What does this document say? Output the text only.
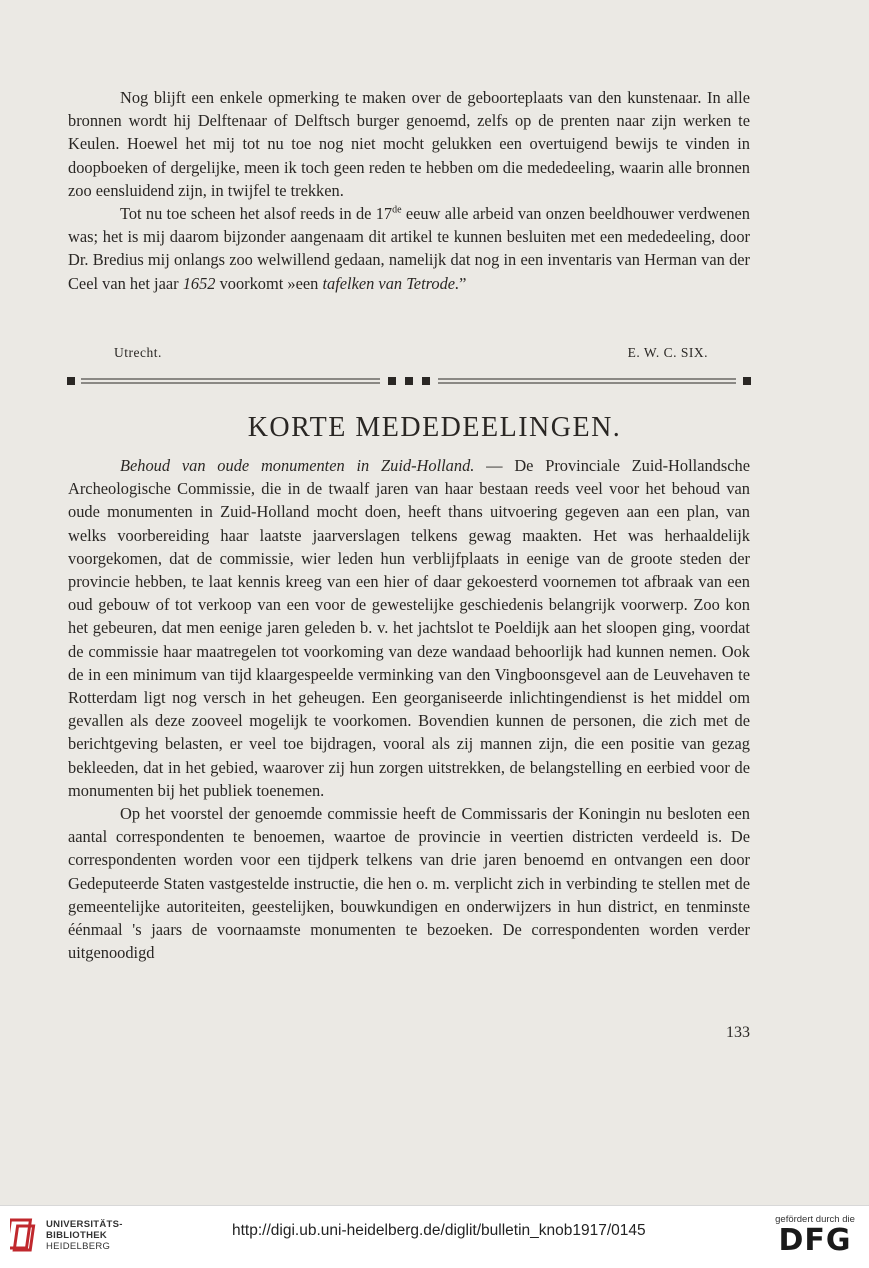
Nog blijft een enkele opmerking te maken over de geboorteplaats van den kunstenaar. In alle bronnen wordt hij Delftenaar of Delftsch burger genoemd, zelfs op de prenten naar zijn werken te Keulen. Hoewel het mij tot nu toe nog niet mocht gelukken een overtuigend bewijs te vinden in doopboeken of dergelijke, meen ik toch geen reden te hebben om die mededeeling, waarin alle bronnen zoo eensluidend zijn, in twijfel te trekken.

Tot nu toe scheen het alsof reeds in de 17de eeuw alle arbeid van onzen beeldhouwer verdwenen was; het is mij daarom bijzonder aangenaam dit artikel te kunnen besluiten met een mededeeling, door Dr. Bredius mij onlangs zoo welwillend gedaan, namelijk dat nog in een inventaris van Herman van der Ceel van het jaar 1652 voorkomt »een tafelken van Tetrode.”

Utrecht.	E. W. C. SIX.
KORTE MEDEDEELINGEN.

Behoud van oude monumenten in Zuid-Holland. — De Provinciale Zuid-Hollandsche Archeologische Commissie, die in de twaalf jaren van haar bestaan reeds veel voor het behoud van oude monumenten in Zuid-Holland mocht doen, heeft thans uitvoering gegeven aan een plan, van welks voorbereiding haar laatste jaarverslagen telkens gewag maakten. Het was herhaaldelijk voorgekomen, dat de commissie, wier leden hun verblijfplaats in eenige van de groote steden der provincie hebben, te laat kennis kreeg van een hier of daar gekoesterd voornemen tot afbraak van een oud gebouw of tot verkoop van een voor de gewestelijke geschiedenis belangrijk voorwerp. Zoo kon het gebeuren, dat men eenige jaren geleden b. v. het jachtslot te Poeldijk aan het sloopen ging, voordat de commissie haar maatregelen tot voorkoming van deze wandaad behoorlijk had kunnen nemen. Ook de in een minimum van tijd klaargespeelde verminking van den Vingboonsgevel aan de Leuvehaven te Rotterdam ligt nog versch in het geheugen. Een georganiseerde inlichtingendienst is het middel om gevallen als deze zooveel mogelijk te voorkomen. Bovendien kunnen de personen, die zich met de berichtgeving belasten, er veel toe bijdragen, vooral als zij mannen zijn, die een positie van gezag bekleeden, dat in het gebied, waarover zij hun zorgen uitstrekken, de belangstelling en eerbied voor de monumenten bij het publiek toenemen.

Op het voorstel der genoemde commissie heeft de Commissaris der Koningin nu besloten een aantal correspondenten te benoemen, waartoe de provincie in veertien districten verdeeld is. De correspondenten worden voor een tijdperk telkens van drie jaren benoemd en ontvangen een door Gedeputeerde Staten vastgestelde instructie, die hen o. m. verplicht zich in verbinding te stellen met de gemeentelijke autoriteiten, geestelijken, bouwkundigen en onderwijzers in hun district, en tenminste éénmaal 's jaars de voornaamste monumenten te bezoeken. De correspondenten worden verder uitgenoodigd

133
UNIVERSITÄTS-
BIBLIOTHEK
HEIDELBERG
http://digi.ub.uni-heidelberg.de/diglit/bulletin_knob1917/0145
gefördert durch die
DFG
